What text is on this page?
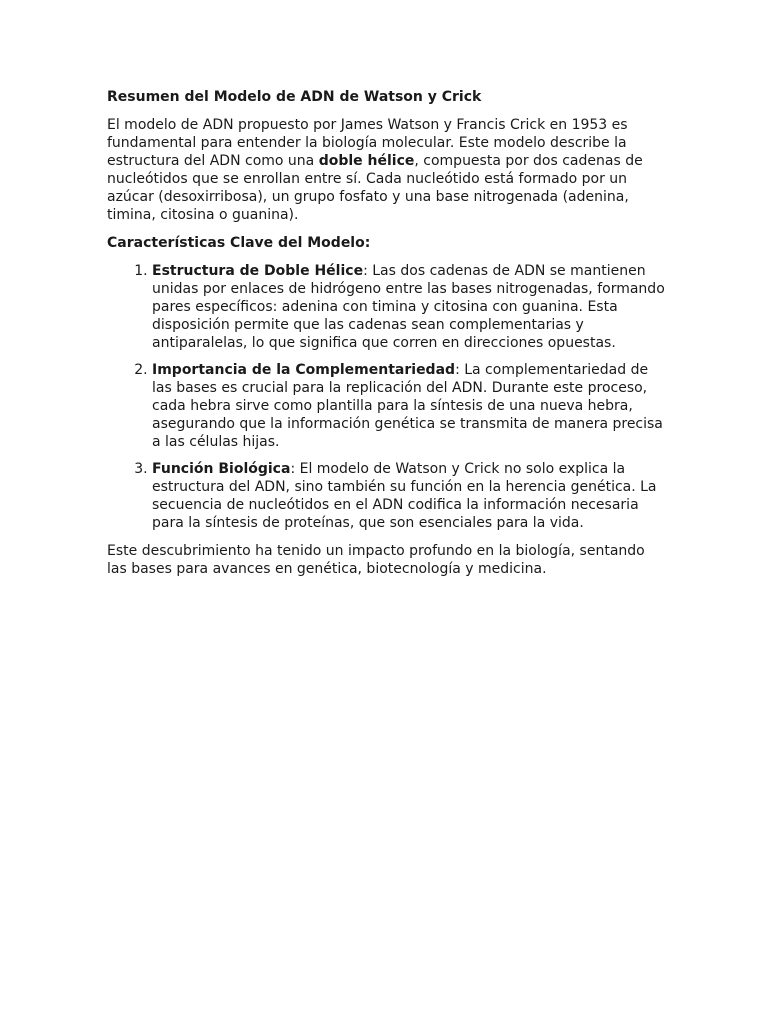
Resumen del Modelo de ADN de Watson y Crick

El modelo de ADN propuesto por James Watson y Francis Crick en 1953 es fundamental para entender la biología molecular. Este modelo describe la estructura del ADN como una doble hélice, compuesta por dos cadenas de nucleótidos que se enrollan entre sí. Cada nucleótido está formado por un azúcar (desoxirribosa), un grupo fosfato y una base nitrogenada (adenina, timina, citosina o guanina).

Características Clave del Modelo:
1. Estructura de Doble Hélice: Las dos cadenas de ADN se mantienen unidas por enlaces de hidrógeno entre las bases nitrogenadas, formando pares específicos: adenina con timina y citosina con guanina. Esta disposición permite que las cadenas sean complementarias y antiparalelas, lo que significa que corren en direcciones opuestas.
2. Importancia de la Complementariedad: La complementariedad de las bases es crucial para la replicación del ADN. Durante este proceso, cada hebra sirve como plantilla para la síntesis de una nueva hebra, asegurando que la información genética se transmita de manera precisa a las células hijas.
3. Función Biológica: El modelo de Watson y Crick no solo explica la estructura del ADN, sino también su función en la herencia genética. La secuencia de nucleótidos en el ADN codifica la información necesaria para la síntesis de proteínas, que son esenciales para la vida.

Este descubrimiento ha tenido un impacto profundo en la biología, sentando las bases para avances en genética, biotecnología y medicina.
